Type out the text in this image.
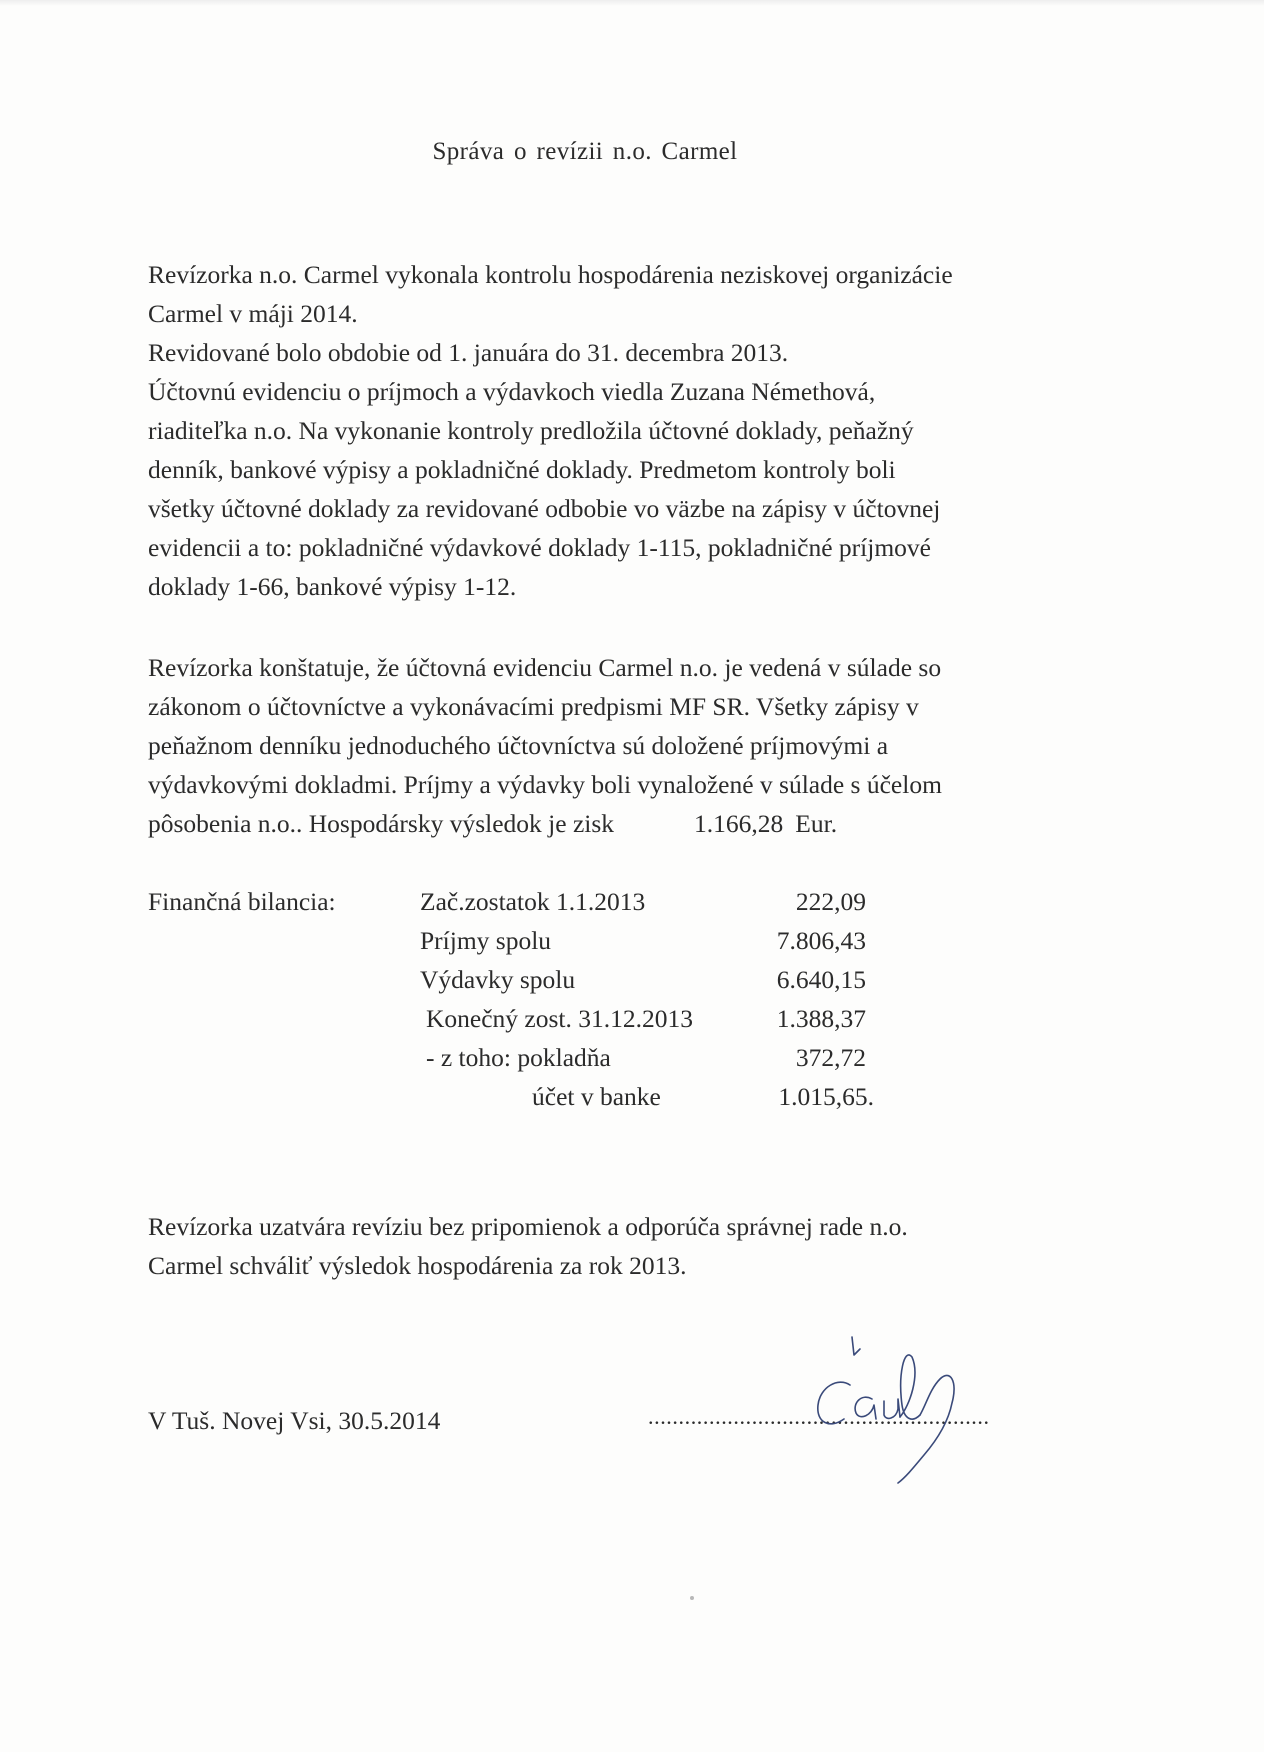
Správa o revízii n.o. Carmel
Revízorka n.o. Carmel vykonala kontrolu hospodárenia neziskovej organizácie
Carmel v máji 2014.
Revidované bolo obdobie od 1. januára do 31. decembra 2013.
Účtovnú evidenciu o príjmoch a výdavkoch viedla Zuzana Némethová,
riaditeľka n.o. Na vykonanie kontroly predložila účtovné doklady, peňažný
denník, bankové výpisy a pokladničné doklady. Predmetom kontroly boli
všetky účtovné doklady za revidované odbobie vo väzbe na zápisy v účtovnej
evidencii a to: pokladničné výdavkové doklady 1-115, pokladničné príjmové
doklady 1-66, bankové výpisy 1-12.
Revízorka konštatuje, že účtovná evidenciu Carmel n.o. je vedená v súlade so
zákonom o účtovníctve a vykonávacími predpismi MF SR. Všetky zápisy v
peňažnom denníku jednoduchého účtovníctva sú doložené príjmovými a
výdavkovými dokladmi. Príjmy a výdavky boli vynaložené v súlade s účelom
pôsobenia n.o.. Hospodársky výsledok je zisk	1.166,28 Eur.
Finančná bilancia:	Zač.zostatok 1.1.2013	222,09
Príjmy spolu	7.806,43
Výdavky spolu	6.640,15
Konečný zost. 31.12.2013	1.388,37
- z toho: pokladňa	372,72
účet v banke	1.015,65.
Revízorka uzatvára revíziu bez pripomienok a odporúča správnej rade n.o.
Carmel schváliť výsledok hospodárenia za rok 2013.
V Tuš. Novej Vsi, 30.5.2014	........................................................
